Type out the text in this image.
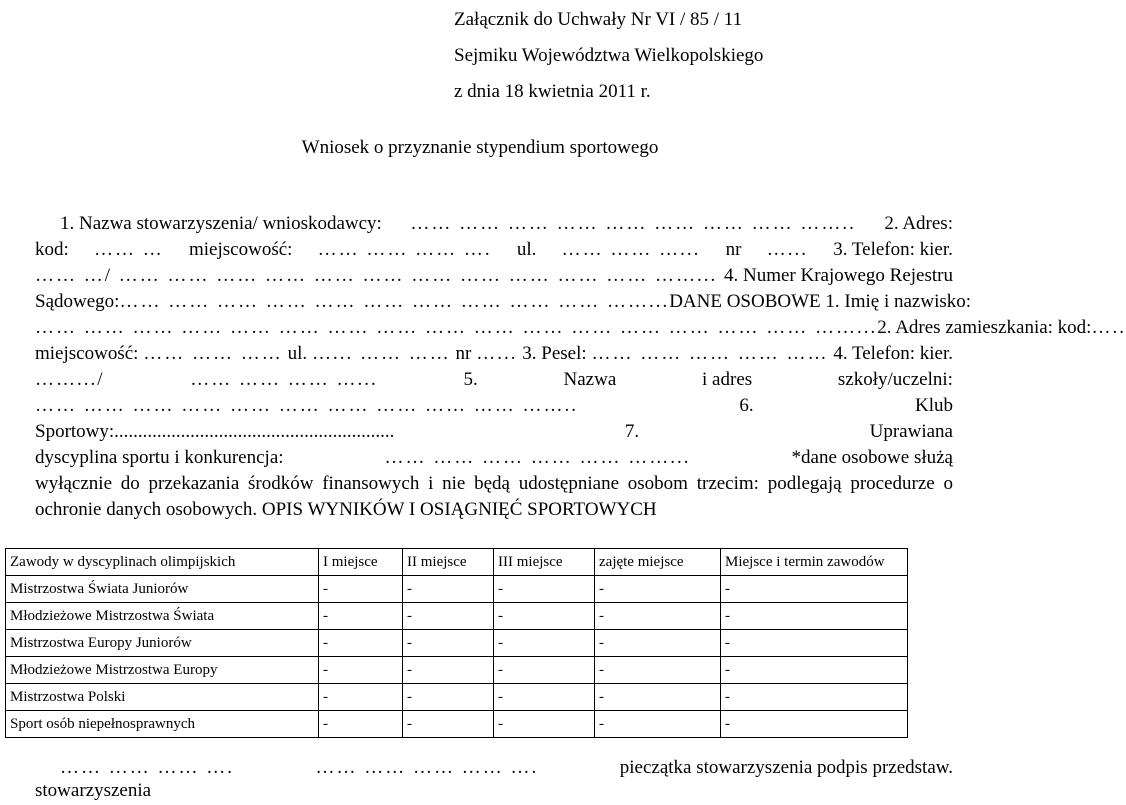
Załącznik do Uchwały Nr VI / 85 / 11
Sejmiku Województwa Wielkopolskiego
z dnia 18 kwietnia 2011 r.
Wniosek o przyznanie stypendium sportowego
1. Nazwa stowarzyszenia/ wnioskodawcy: …… …… …… …… …… …… …… …… …….. 2. Adres:
kod: …… … miejscowość: …… …… …… …. ul. …… …… …... nr …... 3. Telefon: kier.
…… …/ …… …… …… …… …… …… …… …… …… …… …… ……... 4. Numer Krajowego Rejestru
Sądowego: …… …… …… …… …… …… …… …… …… …… ……... DANE OSOBOWE 1. Imię i nazwisko:
…… …… …… …… …… …… …… …… …… …… …… …… …… …… …… …… ……... 2. Adres zamieszkania: kod: …..
miejscowość: …… …… …… ul. …... …… …… nr …... 3. Pesel: …… …… …… …… …… 4. Telefon: kier.
…….../	…… …… …… …...	5.	Nazwa	i adres	szkoły/uczelni:
…… …… …… …… …… …… …… …… …… …… ……..	6.	Klub
Sportowy:...........................................................	7.	Uprawiana
dyscyplina sportu i konkurencja:	…… …… …… …… …… ……...	*dane osobowe służą
wyłącznie do przekazania środków finansowych i nie będą udostępniane osobom trzecim: podlegają procedurze o ochronie danych osobowych. OPIS WYNIKÓW I OSIĄGNIĘĆ SPORTOWYCH
Zawody w dyscyplinach olimpijskich	I miejsce	II miejsce	III miejsce	zajęte miejsce	Miejsce i termin zawodów
Mistrzostwa Świata Juniorów	-	-	-	-	-
Młodzieżowe Mistrzostwa Świata	-	-	-	-	-
Mistrzostwa Europy Juniorów	-	-	-	-	-
Młodzieżowe Mistrzostwa Europy	-	-	-	-	-
Mistrzostwa Polski	-	-	-	-	-
Sport osób niepełnosprawnych	-	-	-	-	-
…… …… …… ….	…… …… …… …… ….	pieczątka stowarzyszenia podpis przedstaw.
stowarzyszenia
